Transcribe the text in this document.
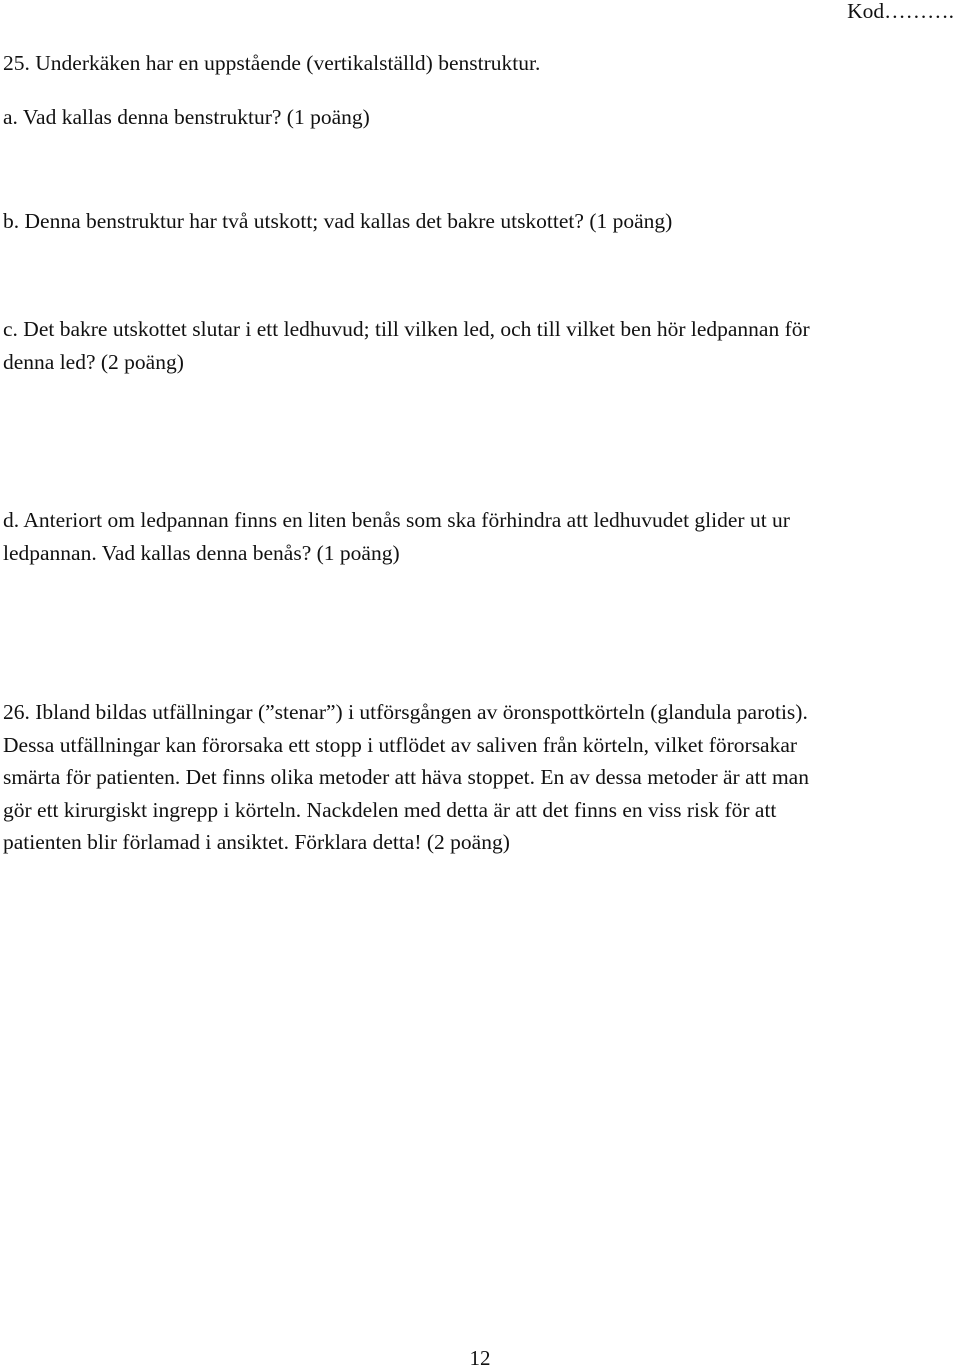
Kod……….
25. Underkäken har en uppstående (vertikalställd) benstruktur.
a. Vad kallas denna benstruktur? (1 poäng)
b. Denna benstruktur har två utskott; vad kallas det bakre utskottet? (1 poäng)
c. Det bakre utskottet slutar i ett ledhuvud; till vilken led, och till vilket ben hör ledpannan för
denna led? (2 poäng)
d. Anteriort om ledpannan finns en liten benås som ska förhindra att ledhuvudet glider ut ur
ledpannan. Vad kallas denna benås? (1 poäng)
26. Ibland bildas utfällningar (”stenar”) i utförsgången av öronspottkörteln (glandula parotis).
Dessa utfällningar kan förorsaka ett stopp i utflödet av saliven från körteln, vilket förorsakar
smärta för patienten. Det finns olika metoder att häva stoppet. En av dessa metoder är att man
gör ett kirurgiskt ingrepp i körteln. Nackdelen med detta är att det finns en viss risk för att
patienten blir förlamad i ansiktet. Förklara detta! (2 poäng)
12
